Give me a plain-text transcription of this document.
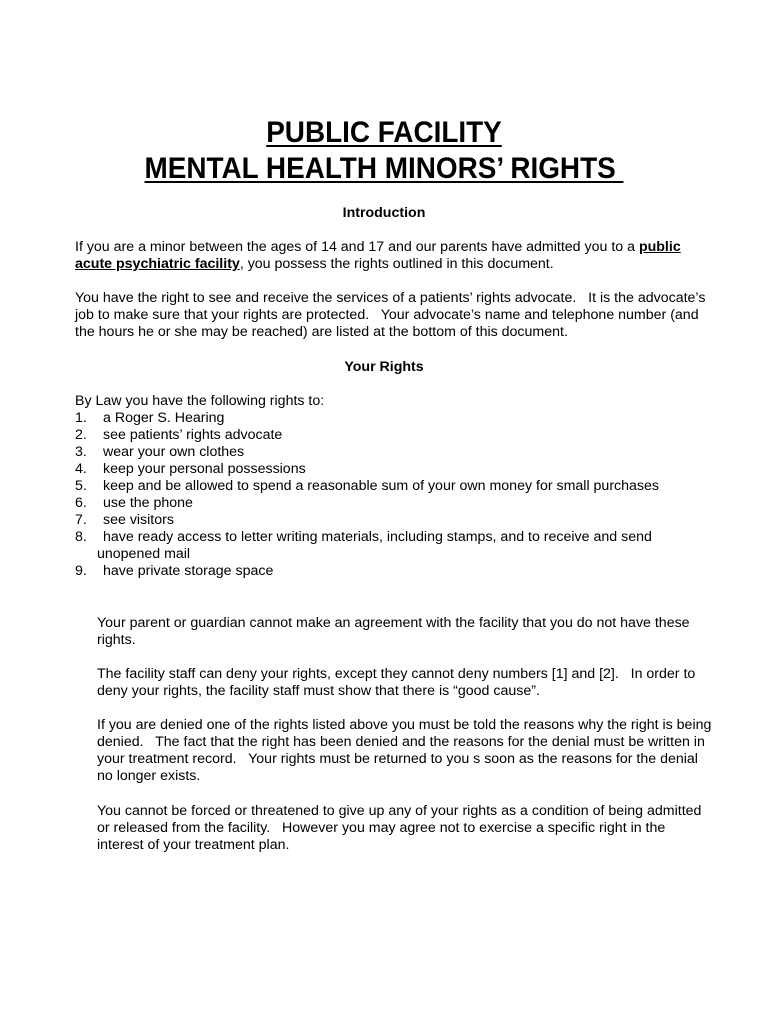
PUBLIC FACILITY
MENTAL HEALTH MINORS’ RIGHTS
Introduction

If you are a minor between the ages of 14 and 17 and our parents have admitted you to a public
acute psychiatric facility, you possess the rights outlined in this document.

You have the right to see and receive the services of a patients’ rights advocate.   It is the advocate’s
job to make sure that your rights are protected.   Your advocate’s name and telephone number (and
the hours he or she may be reached) are listed at the bottom of this document.

Your Rights
By Law you have the following rights to:
1.	a Roger S. Hearing
2.	see patients’ rights advocate
3.	wear your own clothes
4.	keep your personal possessions
5.	keep and be allowed to spend a reasonable sum of your own money for small purchases
6.	use the phone
7.	see visitors
8.	have ready access to letter writing materials, including stamps, and to receive and send
unopened mail
9.	have private storage space

Your parent or guardian cannot make an agreement with the facility that you do not have these
rights.

The facility staff can deny your rights, except they cannot deny numbers [1] and [2].   In order to
deny your rights, the facility staff must show that there is “good cause”.

If you are denied one of the rights listed above you must be told the reasons why the right is being
denied.   The fact that the right has been denied and the reasons for the denial must be written in
your treatment record.   Your rights must be returned to you s soon as the reasons for the denial
no longer exists.

You cannot be forced or threatened to give up any of your rights as a condition of being admitted
or released from the facility.   However you may agree not to exercise a specific right in the
interest of your treatment plan.
